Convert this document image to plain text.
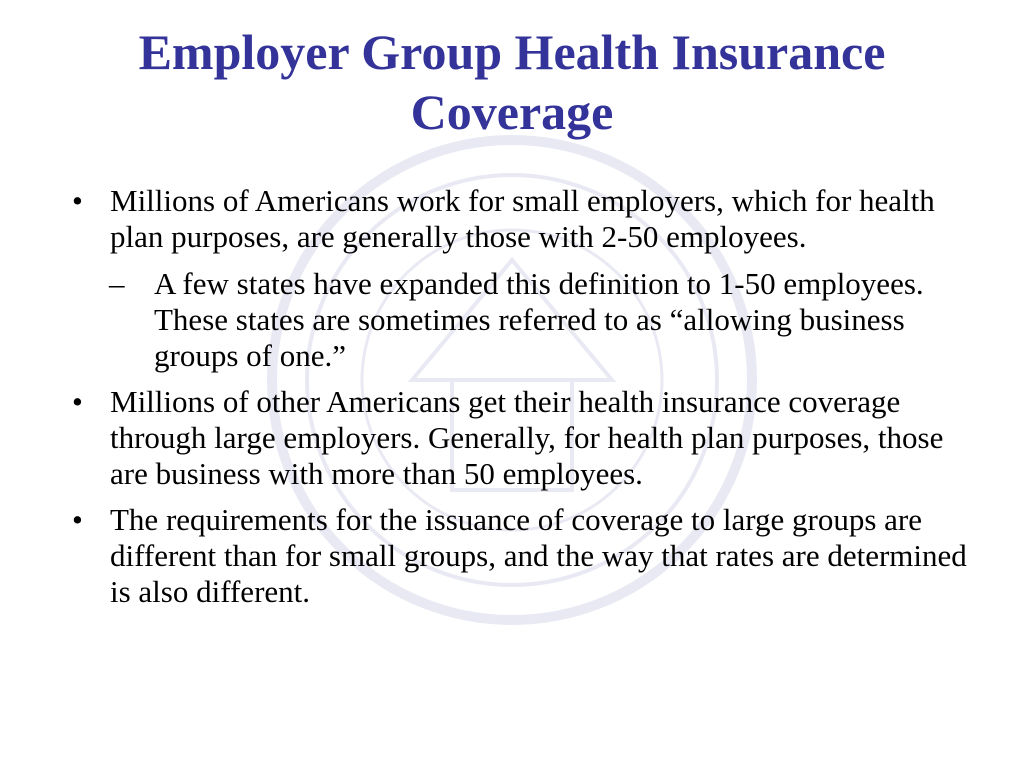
Employer Group Health Insurance
Coverage
• Millions of Americans work for small employers, which for health plan purposes, are generally those with 2-50 employees.
– A few states have expanded this definition to 1-50 employees. These states are sometimes referred to as “allowing business groups of one.”
• Millions of other Americans get their health insurance coverage through large employers. Generally, for health plan purposes, those are business with more than 50 employees.
• The requirements for the issuance of coverage to large groups are different than for small groups, and the way that rates are determined is also different.
